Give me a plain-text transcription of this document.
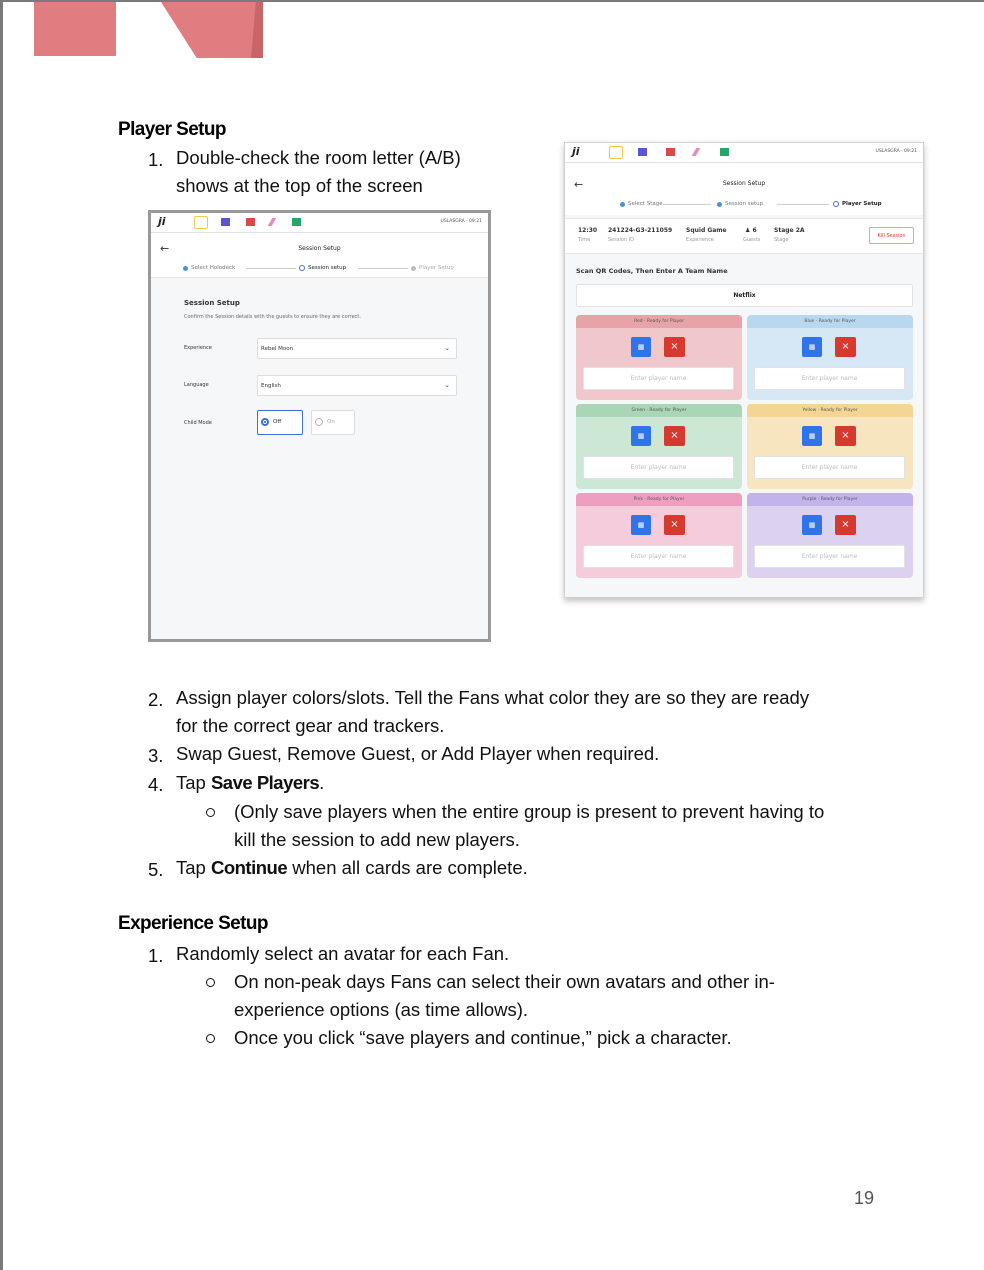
Player Setup
1. Double-check the room letter (A/B)
shows at the top of the screen
ji	USLASGRA · 09:21
←	Session Setup
Select Holodeck	Session setup	Player Setup
Session Setup
Confirm the Session details with the guests to ensure they are correct.
Experience	Rebel Moon	⌄
Language	English	⌄
Child Mode	Off	On
ji	USLASGRA · 09:21
←	Session Setup
Select Stage	Session setup	Player Setup
12:30
Time
241224-G3-211059
Session ID
Squid Game
Experience
♟ 6
Guests
Stage 2A
Stage
Kill Session
Scan QR Codes, Then Enter A Team Name
Netflix
Red · Ready for Player
▦	×
Enter player name
Blue · Ready for Player
▦	×
Enter player name
Green · Ready for Player
▦	×
Enter player name
Yellow · Ready for Player
▦	×
Enter player name
Pink · Ready for Player
▦	×
Enter player name
Purple · Ready for Player
▦	×
Enter player name
2. Assign player colors/slots. Tell the Fans what color they are so they are ready
for the correct gear and trackers.
3. Swap Guest, Remove Guest, or Add Player when required.
4. Tap Save Players.
(Only save players when the entire group is present to prevent having to
kill the session to add new players.
5. Tap Continue when all cards are complete.
Experience Setup
1. Randomly select an avatar for each Fan.
On non-peak days Fans can select their own avatars and other in-
experience options (as time allows).
Once you click “save players and continue,” pick a character.
19
